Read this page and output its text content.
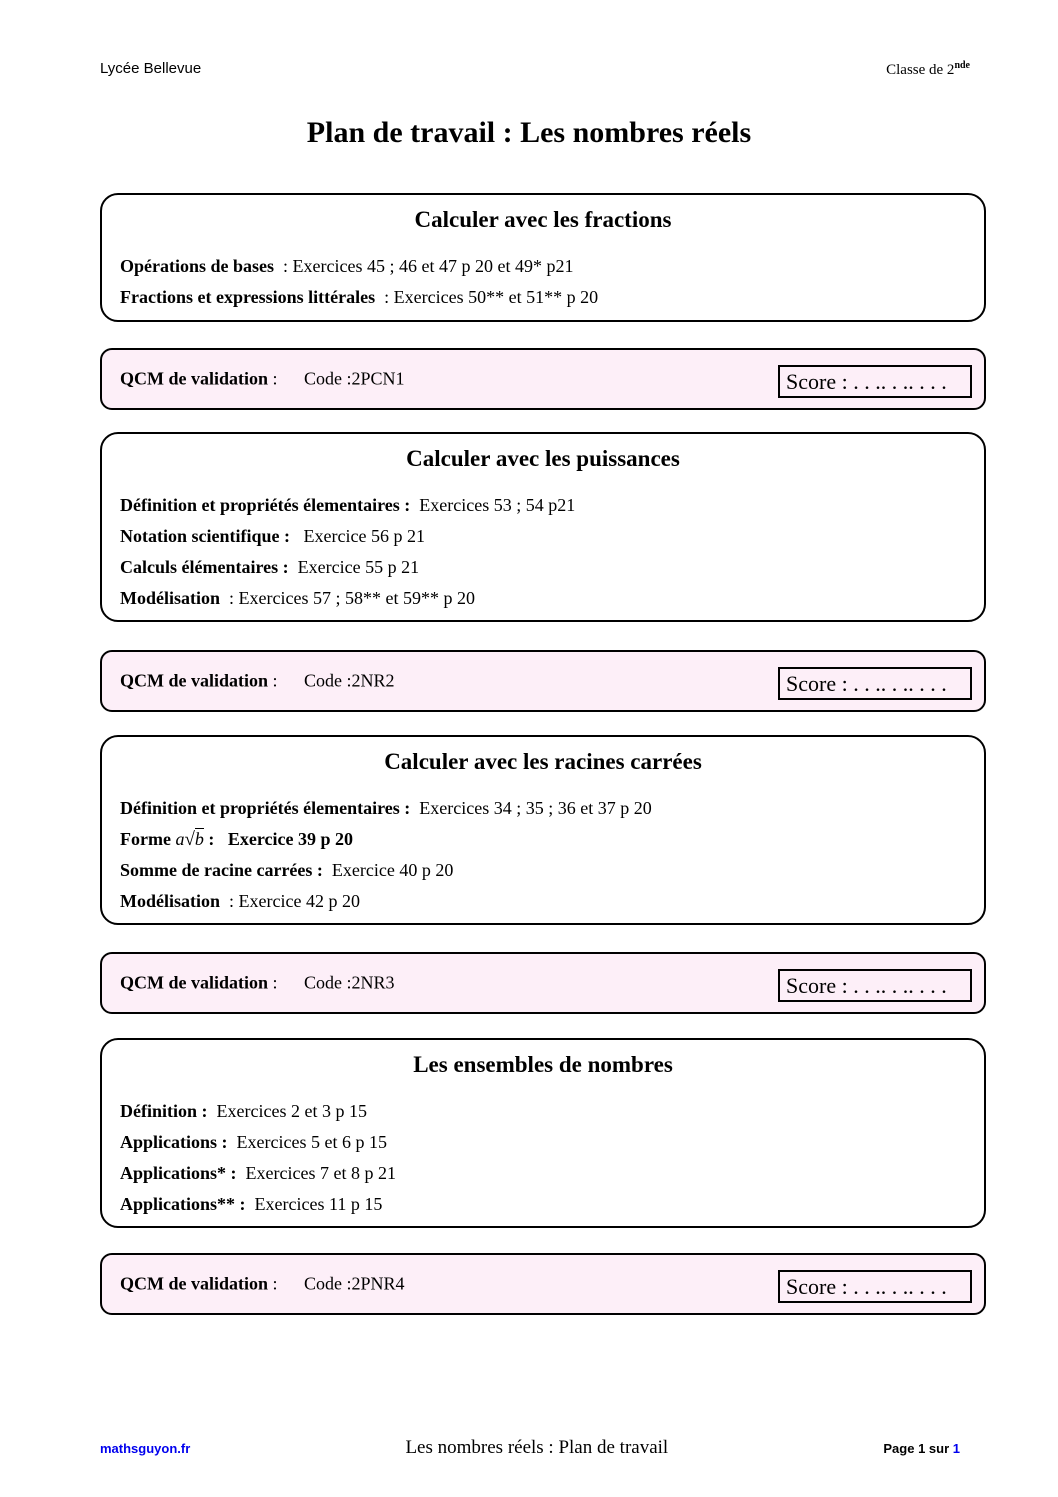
Lycée Bellevue	Classe de 2nde
Plan de travail : Les nombres réels
Calculer avec les fractions
Opérations de bases  : Exercices 45 ; 46 et 47 p 20 et 49* p21
Fractions et expressions littérales  : Exercices 50** et 51** p 20
QCM de validation : Code :2PCN1	Score : . . .. . .. . . .
Calculer avec les puissances
Définition et propriétés élementaires :  Exercices 53 ; 54 p21
Notation scientifique :   Exercice 56 p 21
Calculs élémentaires :  Exercice 55 p 21
Modélisation  : Exercices 57 ; 58** et 59** p 20
QCM de validation : Code :2NR2	Score : . . .. . .. . . .
Calculer avec les racines carrées
Définition et propriétés élementaires :  Exercices 34 ; 35 ; 36 et 37 p 20
Forme a√b :   Exercice 39 p 20
Somme de racine carrées :  Exercice 40 p 20
Modélisation  : Exercice 42 p 20
QCM de validation : Code :2NR3	Score : . . .. . .. . . .
Les ensembles de nombres
Définition :  Exercices 2 et 3 p 15
Applications :  Exercices 5 et 6 p 15
Applications* :  Exercices 7 et 8 p 21
Applications** :  Exercices 11 p 15
QCM de validation : Code :2PNR4	Score : . . .. . .. . . .
mathsguyon.fr	Les nombres réels : Plan de travail	Page 1 sur 1
